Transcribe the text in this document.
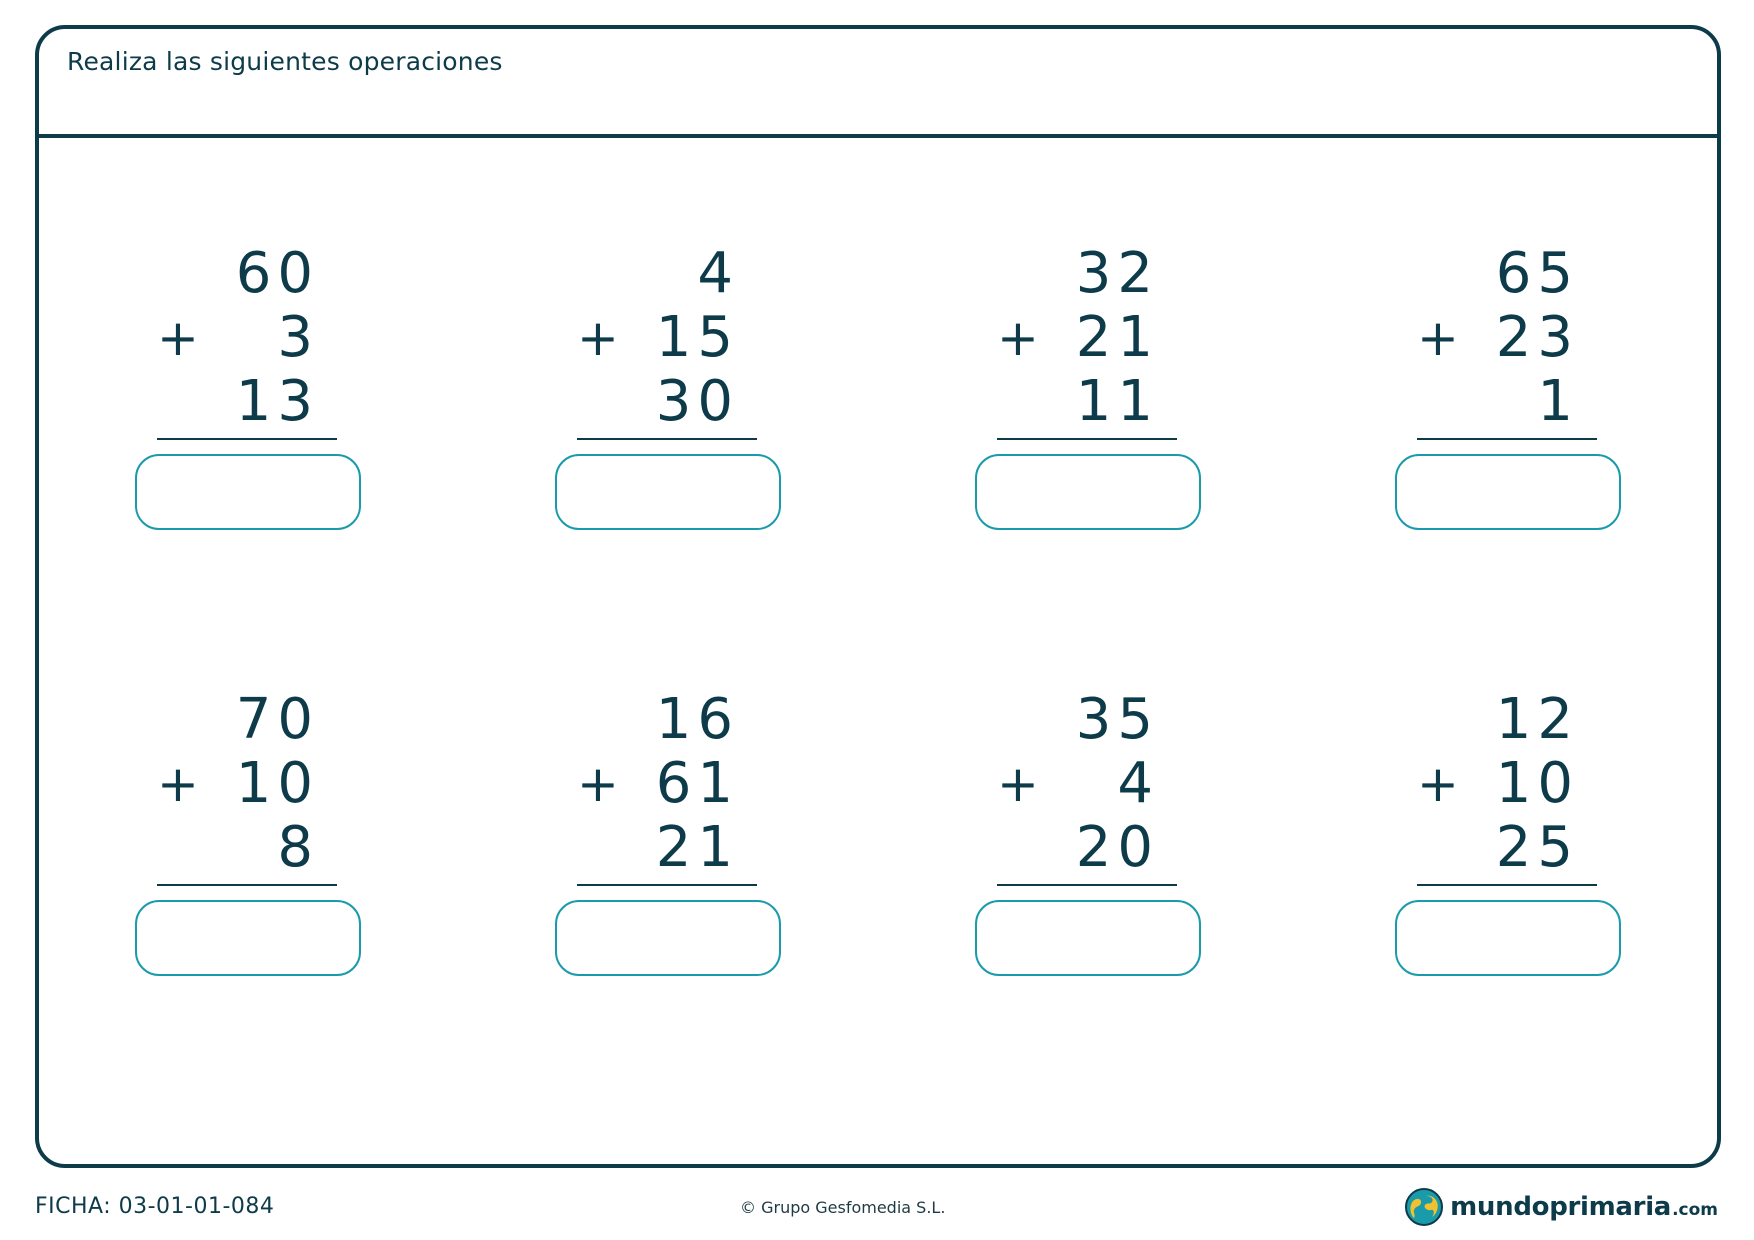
Realiza las siguientes operaciones
60
+ 3
13
4
+ 15
30
32
+ 21
11
65
+ 23
1
70
+ 10
8
16
+ 61
21
35
+ 4
20
12
+ 10
25
FICHA: 03-01-01-084	© Grupo Gesfomedia S.L.	mundoprimaria .com
